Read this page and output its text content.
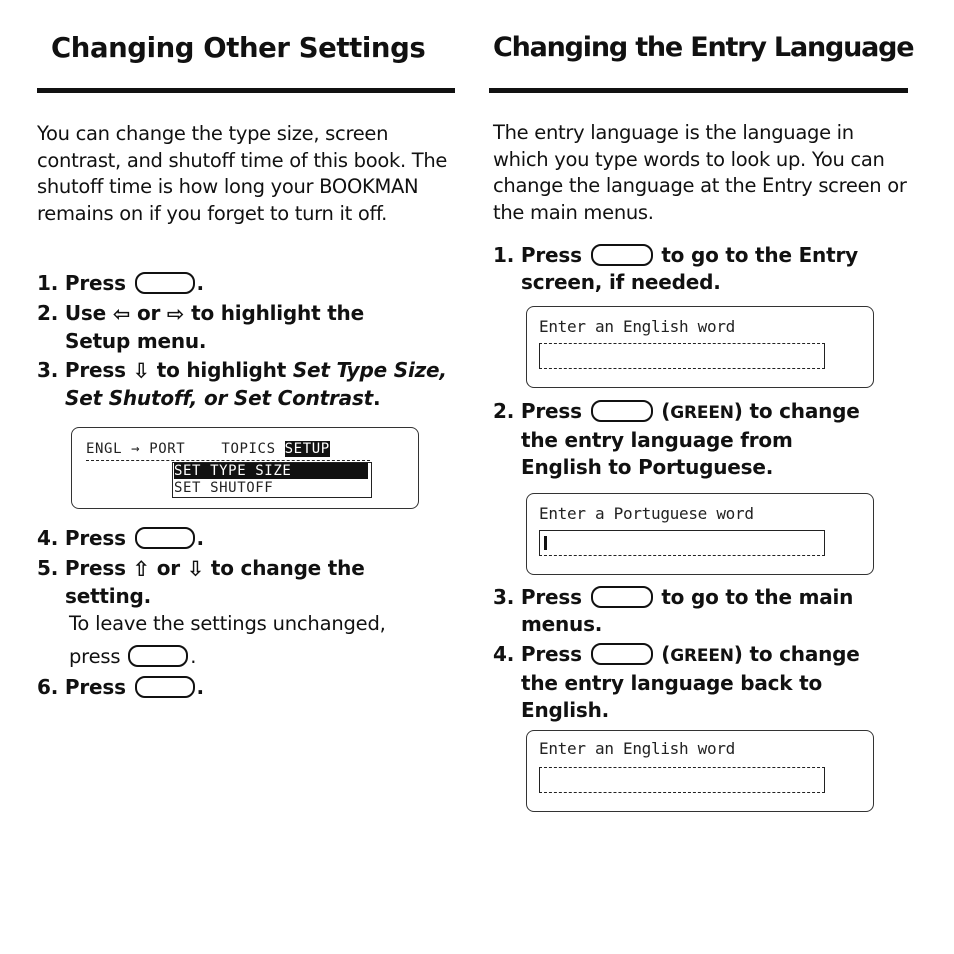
Changing Other Settings

You can change the type size, screen contrast, and shutoff time of this book. The shutoff time is how long your BOOKMAN remains on if you forget to turn it off.

1. Press	.
2. Use ⇦ or ⇨ to highlight the
Setup menu.
3. Press ⇩ to highlight Set Type Size,
Set Shutoff, or Set Contrast.
ENGL → PORT    TOPICS SETUP
SET TYPE SIZE
SET SHUTOFF
4. Press	.
5. Press ⇧ or ⇩ to change the
setting.
To leave the settings unchanged,
press	.
6. Press	.
Changing the Entry Language

The entry language is the language in which you type words to look up. You can change the language at the Entry screen or the main menus.

1. Press	to go to the Entry
screen, if needed.
Enter an English word
2. Press	(GREEN) to change
the entry language from
English to Portuguese.
Enter a Portuguese word
3. Press	to go to the main
menus.
4. Press	(GREEN) to change
the entry language back to
English.
Enter an English word
